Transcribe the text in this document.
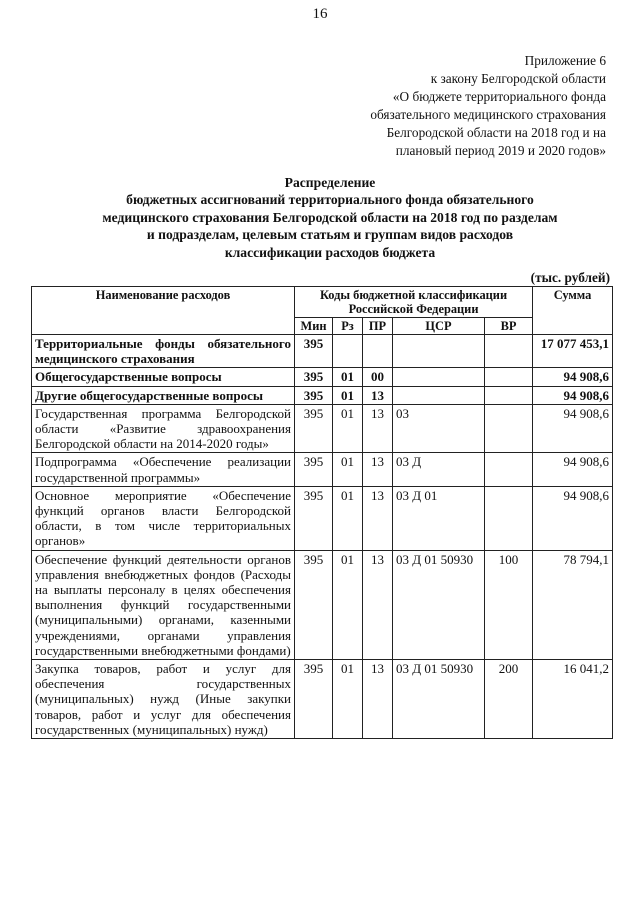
16
Приложение 6
к закону Белгородской области
«О бюджете территориального фонда
обязательного медицинского страхования
Белгородской области на 2018 год и на
плановый период 2019 и 2020 годов»
Распределение
бюджетных ассигнований территориального фонда обязательного
медицинского страхования Белгородской области на 2018 год по разделам
и подразделам, целевым статьям и группам видов расходов
классификации расходов бюджета
(тыс. рублей)
Наименование расходов	Коды бюджетной классификации Российской Федерации					Сумма
	Мин	Рз	ПР	ЦСР	ВР	
Территориальные фонды обязательного медицинского страхования	395					17 077 453,1
Общегосударственные вопросы	395	01	00			94 908,6
Другие общегосударственные вопросы	395	01	13			94 908,6
Государственная программа Белгородской области «Развитие здравоохранения Белгородской области на 2014-2020 годы»	395	01	13	03		94 908,6
Подпрограмма «Обеспечение реализации государственной программы»	395	01	13	03 Д		94 908,6
Основное мероприятие «Обеспечение функций органов власти Белгородской области, в том числе территориальных органов»	395	01	13	03 Д 01		94 908,6
Обеспечение функций деятельности органов управления внебюджетных фондов (Расходы на выплаты персоналу в целях обеспечения выполнения функций государственными (муниципальными) органами, казенными учреждениями, органами управления государственными внебюджетными фондами)	395	01	13	03 Д 01 50930	100	78 794,1
Закупка товаров, работ и услуг для обеспечения государственных (муниципальных) нужд (Иные закупки товаров, работ и услуг для обеспечения государственных (муниципальных) нужд)	395	01	13	03 Д 01 50930	200	16 041,2
